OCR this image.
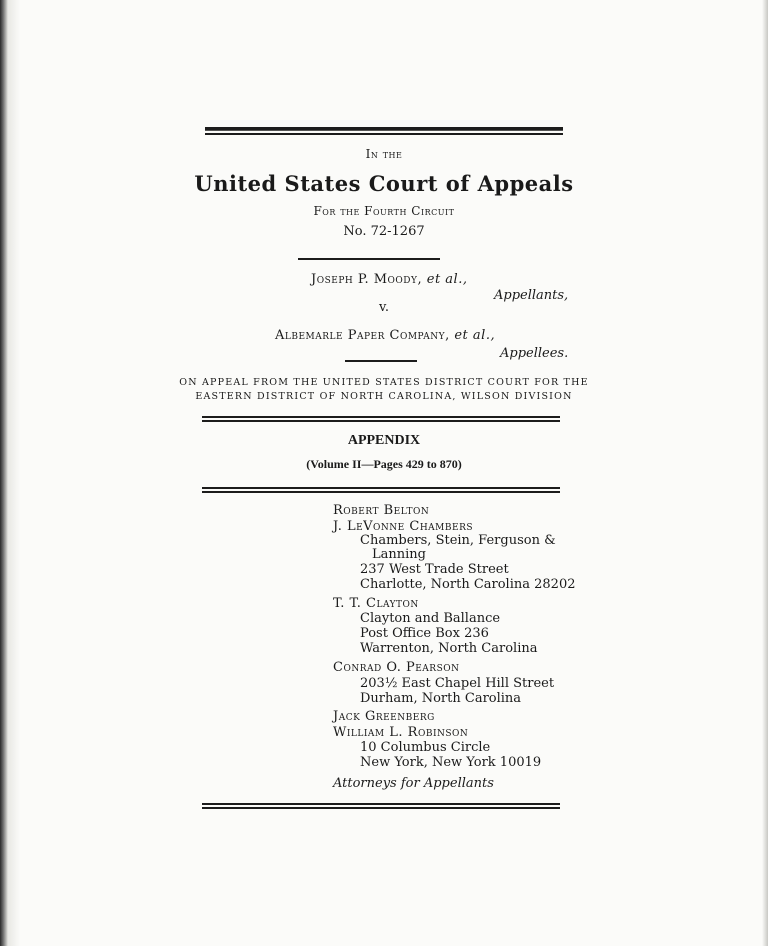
In the
United States Court of Appeals
For the Fourth Circuit
No. 72-1267
Joseph P. Moody, et al.,
Appellants,
v.
Albemarle Paper Company, et al.,
Appellees.
ON APPEAL FROM THE UNITED STATES DISTRICT COURT FOR THE
EASTERN DISTRICT OF NORTH CAROLINA, WILSON DIVISION
APPENDIX
(Volume II—Pages 429 to 870)
Robert Belton
J. LeVonne Chambers
Chambers, Stein, Ferguson &
Lanning
237 West Trade Street
Charlotte, North Carolina 28202
T. T. Clayton
Clayton and Ballance
Post Office Box 236
Warrenton, North Carolina
Conrad O. Pearson
203½ East Chapel Hill Street
Durham, North Carolina
Jack Greenberg
William L. Robinson
10 Columbus Circle
New York, New York 10019
Attorneys for Appellants
